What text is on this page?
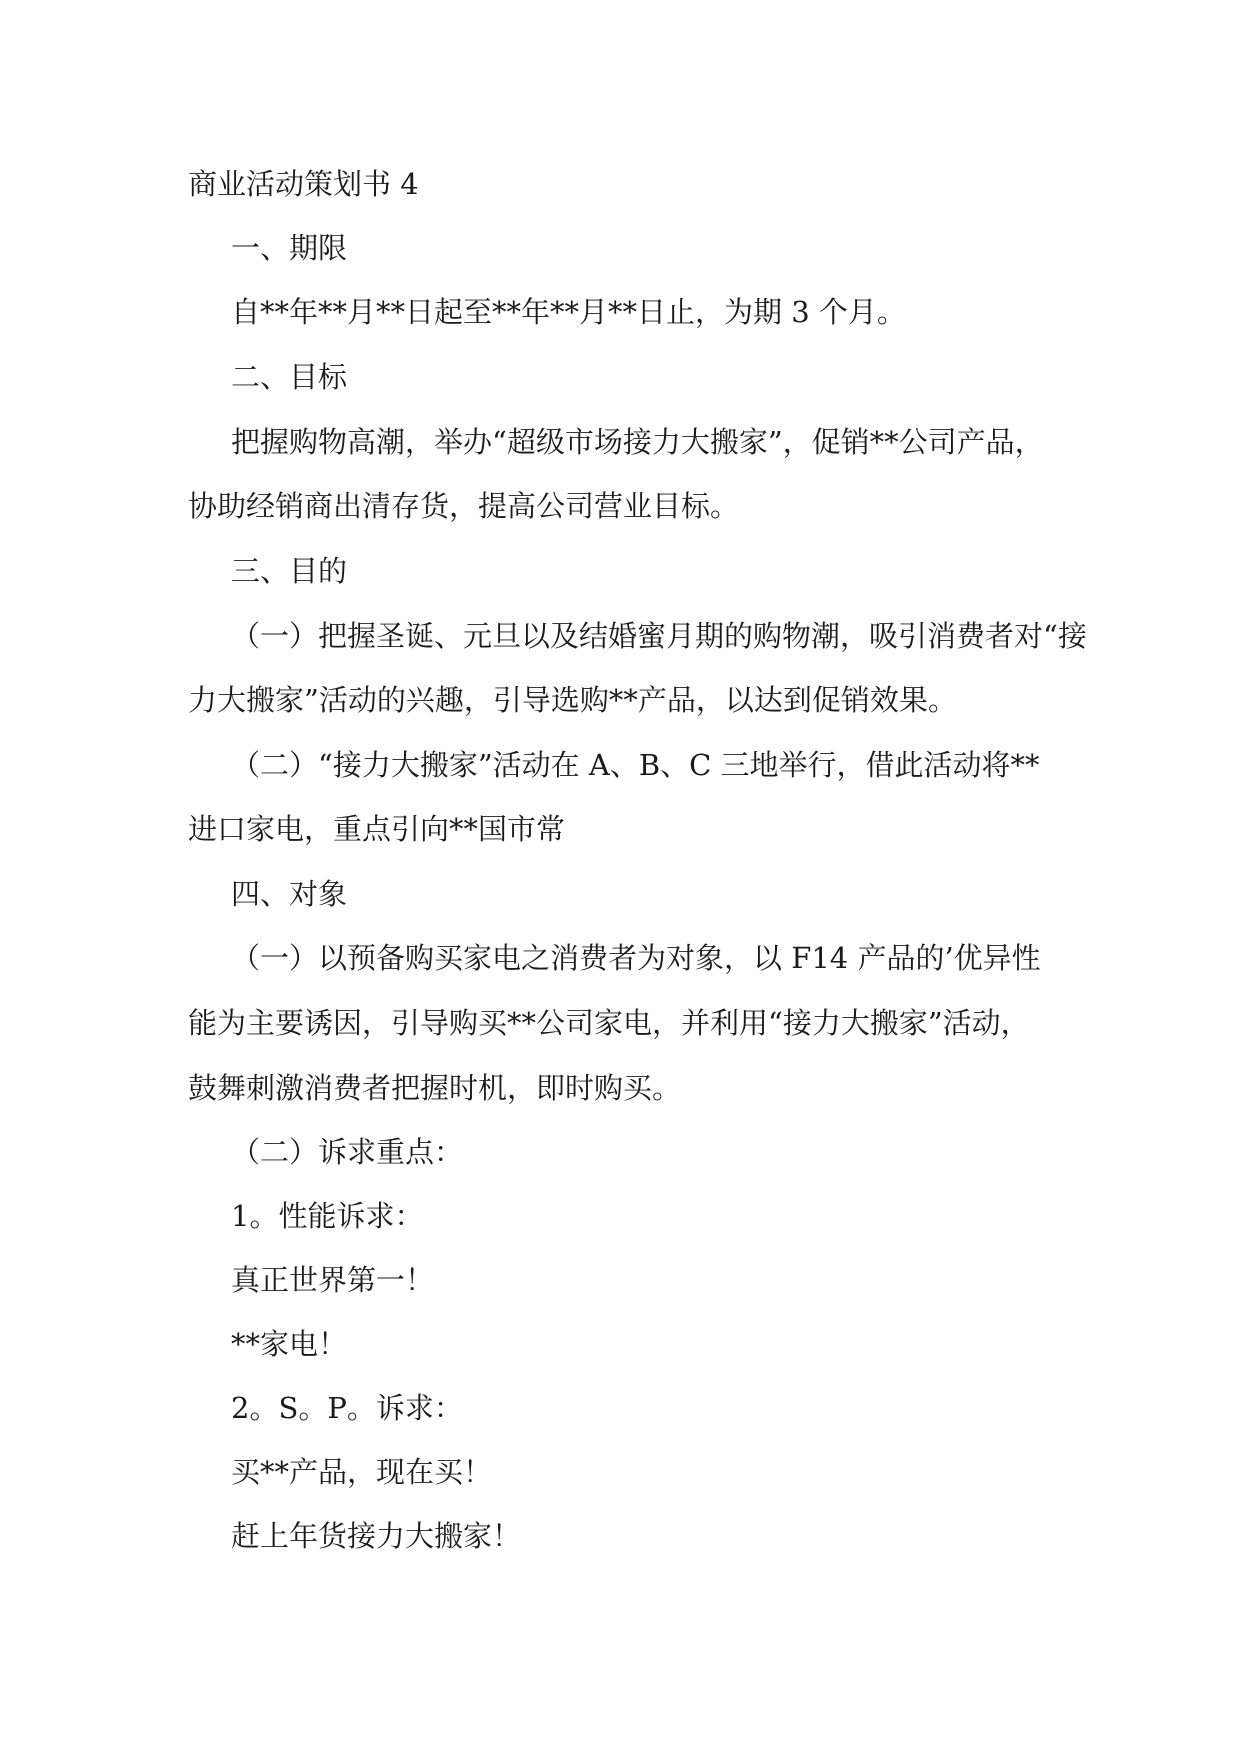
商业活动策划书 4
一、期限
自**年**月**日起至**年**月**日止，为期 3 个月。
二、目标
把握购物高潮，举办“超级市场接力大搬家”，促销**公司产品，
协助经销商出清存货，提高公司营业目标。
三、目的
（一）把握圣诞、元旦以及结婚蜜月期的购物潮，吸引消费者对“接
力大搬家”活动的兴趣，引导选购**产品，以达到促销效果。
（二）“接力大搬家”活动在 A、B、C 三地举行，借此活动将**
进口家电，重点引向**国市常
四、对象
（一）以预备购买家电之消费者为对象，以 F14 产品的’优异性
能为主要诱因，引导购买**公司家电，并利用“接力大搬家”活动，
鼓舞刺激消费者把握时机，即时购买。
（二）诉求重点：
1。性能诉求：
真正世界第一！
**家电！
2。S。P。诉求：
买**产品，现在买！
赶上年货接力大搬家！
